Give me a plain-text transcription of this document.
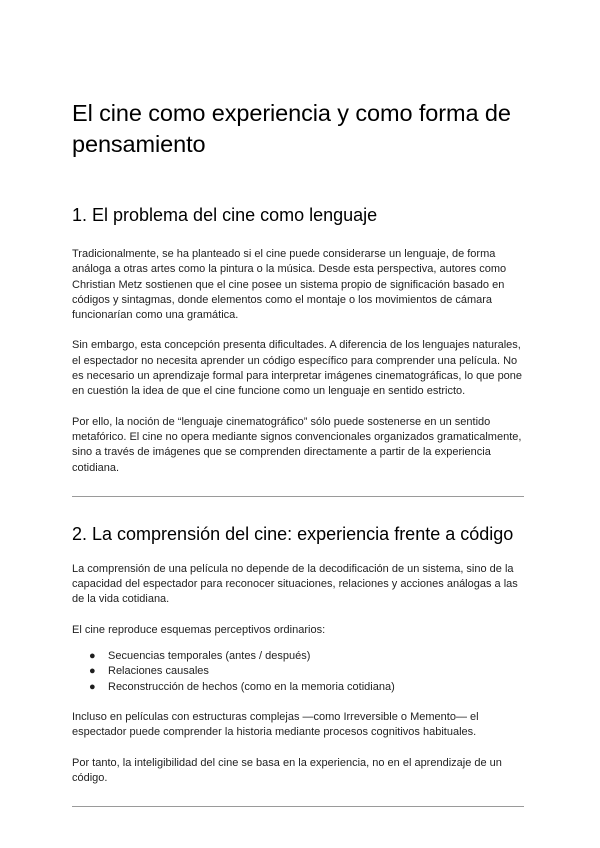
El cine como experiencia y como forma de pensamiento
1. El problema del cine como lenguaje

Tradicionalmente, se ha planteado si el cine puede considerarse un lenguaje, de forma análoga a otras artes como la pintura o la música. Desde esta perspectiva, autores como Christian Metz sostienen que el cine posee un sistema propio de significación basado en códigos y sintagmas, donde elementos como el montaje o los movimientos de cámara funcionarían como una gramática.

Sin embargo, esta concepción presenta dificultades. A diferencia de los lenguajes naturales, el espectador no necesita aprender un código específico para comprender una película. No es necesario un aprendizaje formal para interpretar imágenes cinematográficas, lo que pone en cuestión la idea de que el cine funcione como un lenguaje en sentido estricto.

Por ello, la noción de “lenguaje cinematográfico” sólo puede sostenerse en un sentido metafórico. El cine no opera mediante signos convencionales organizados gramaticalmente, sino a través de imágenes que se comprenden directamente a partir de la experiencia cotidiana.

2. La comprensión del cine: experiencia frente a código

La comprensión de una película no depende de la decodificación de un sistema, sino de la capacidad del espectador para reconocer situaciones, relaciones y acciones análogas a las de la vida cotidiana.

El cine reproduce esquemas perceptivos ordinarios:

● Secuencias temporales (antes / después)
● Relaciones causales
● Reconstrucción de hechos (como en la memoria cotidiana)

Incluso en películas con estructuras complejas —como Irreversible o Memento— el espectador puede comprender la historia mediante procesos cognitivos habituales.

Por tanto, la inteligibilidad del cine se basa en la experiencia, no en el aprendizaje de un código.
